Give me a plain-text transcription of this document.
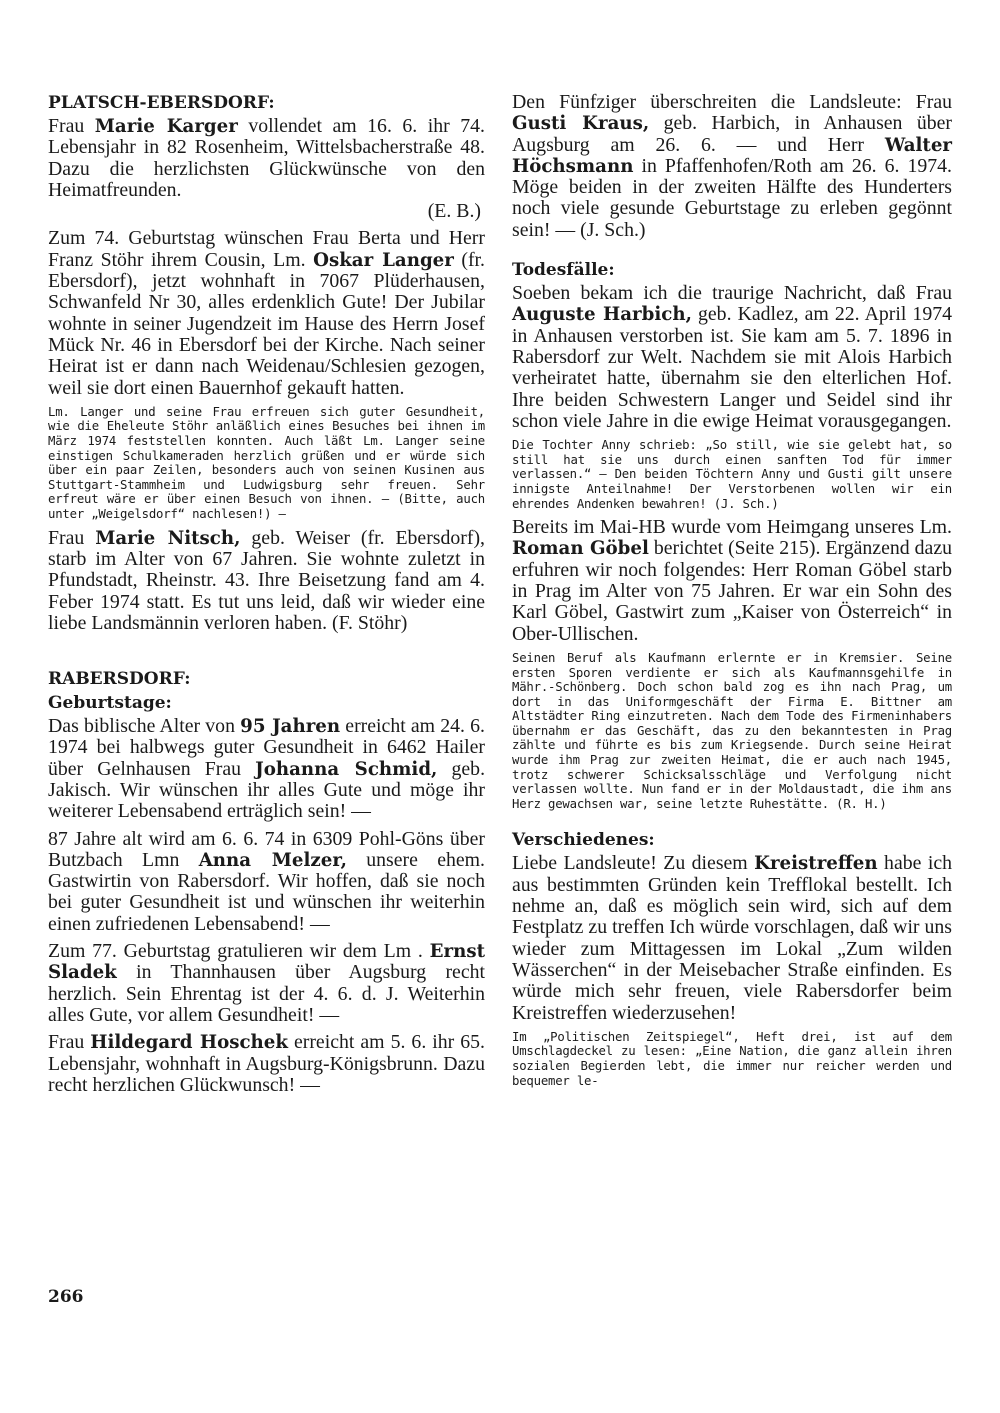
PLATSCH-EBERSDORF:
Frau Marie Karger vollendet am 16. 6. ihr 74. Lebensjahr in 82 Rosenheim, Wittelsbacherstraße 48. Dazu die herzlichsten Glückwünsche von den Heimatfreunden.
(E. B.)
Zum 74. Geburtstag wünschen Frau Berta und Herr Franz Stöhr ihrem Cousin, Lm. Oskar Langer (fr. Ebersdorf), jetzt wohnhaft in 7067 Plüderhausen, Schwanfeld Nr 30, alles erdenklich Gute! Der Jubilar wohnte in seiner Jugendzeit im Hause des Herrn Josef Mück Nr. 46 in Ebersdorf bei der Kirche. Nach seiner Heirat ist er dann nach Weidenau/Schlesien gezogen, weil sie dort einen Bauernhof gekauft hatten.
Lm. Langer und seine Frau erfreuen sich guter Gesundheit, wie die Eheleute Stöhr anläßlich eines Besuches bei ihnen im März 1974 feststellen konnten. Auch läßt Lm. Langer seine einstigen Schulkameraden herzlich grüßen und er würde sich über ein paar Zeilen, besonders auch von seinen Kusinen aus Stuttgart-Stammheim und Ludwigsburg sehr freuen. Sehr erfreut wäre er über einen Besuch von ihnen. — (Bitte, auch unter „Weigelsdorf“ nachlesen!) —
Frau Marie Nitsch, geb. Weiser (fr. Ebersdorf), starb im Alter von 67 Jahren. Sie wohnte zuletzt in Pfundstadt, Rheinstr. 43. Ihre Beisetzung fand am 4. Feber 1974 statt. Es tut uns leid, daß wir wieder eine liebe Landsmännin verloren haben. (F. Stöhr)
RABERSDORF:
Geburtstage:
Das biblische Alter von 95 Jahren erreicht am 24. 6. 1974 bei halbwegs guter Gesundheit in 6462 Hailer über Gelnhausen Frau Johanna Schmid, geb. Jakisch. Wir wünschen ihr alles Gute und möge ihr weiterer Lebensabend erträglich sein! —
87 Jahre alt wird am 6. 6. 74 in 6309 Pohl-Göns über Butzbach Lmn Anna Melzer, unsere ehem. Gastwirtin von Rabersdorf. Wir hoffen, daß sie noch bei guter Gesundheit ist und wünschen ihr weiterhin einen zufriedenen Lebensabend! —
Zum 77. Geburtstag gratulieren wir dem Lm . Ernst Sladek in Thannhausen über Augsburg recht herzlich. Sein Ehrentag ist der 4. 6. d. J. Weiterhin alles Gute, vor allem Gesundheit! —
Frau Hildegard Hoschek erreicht am 5. 6. ihr 65. Lebensjahr, wohnhaft in Augsburg-Königsbrunn. Dazu recht herzlichen Glückwunsch! —
Den Fünfziger überschreiten die Landsleute: Frau Gusti Kraus, geb. Harbich, in Anhausen über Augsburg am 26. 6. — und Herr Walter Höchsmann in Pfaffenhofen/Roth am 26. 6. 1974. Möge beiden in der zweiten Hälfte des Hunderters noch viele gesunde Geburtstage zu erleben gegönnt sein! — (J. Sch.)
Todesfälle:
Soeben bekam ich die traurige Nachricht, daß Frau Auguste Harbich, geb. Kadlez, am 22. April 1974 in Anhausen verstorben ist. Sie kam am 5. 7. 1896 in Rabersdorf zur Welt. Nachdem sie mit Alois Harbich verheiratet hatte, übernahm sie den elterlichen Hof. Ihre beiden Schwestern Langer und Seidel sind ihr schon viele Jahre in die ewige Heimat vorausgegangen.
Die Tochter Anny schrieb: „So still, wie sie gelebt hat, so still hat sie uns durch einen sanften Tod für immer verlassen.“ — Den beiden Töchtern Anny und Gusti gilt unsere innigste Anteilnahme! Der Verstorbenen wollen wir ein ehrendes Andenken bewahren! (J. Sch.)
Bereits im Mai-HB wurde vom Heimgang unseres Lm. Roman Göbel berichtet (Seite 215). Ergänzend dazu erfuhren wir noch folgendes: Herr Roman Göbel starb in Prag im Alter von 75 Jahren. Er war ein Sohn des Karl Göbel, Gastwirt zum „Kaiser von Österreich“ in Ober-Ullischen.
Seinen Beruf als Kaufmann erlernte er in Kremsier. Seine ersten Sporen verdiente er sich als Kaufmannsgehilfe in Mähr.-Schönberg. Doch schon bald zog es ihn nach Prag, um dort in das Uniformgeschäft der Firma E. Bittner am Altstädter Ring einzutreten. Nach dem Tode des Firmeninhabers übernahm er das Geschäft, das zu den bekanntesten in Prag zählte und führte es bis zum Kriegsende. Durch seine Heirat wurde ihm Prag zur zweiten Heimat, die er auch nach 1945, trotz schwerer Schicksalsschläge und Verfolgung nicht verlassen wollte. Nun fand er in der Moldaustadt, die ihm ans Herz gewachsen war, seine letzte Ruhestätte. (R. H.)
Verschiedenes:
Liebe Landsleute! Zu diesem Kreistreffen habe ich aus bestimmten Gründen kein Trefflokal bestellt. Ich nehme an, daß es möglich sein wird, sich auf dem Festplatz zu treffen Ich würde vorschlagen, daß wir uns wieder zum Mittagessen im Lokal „Zum wilden Wässerchen“ in der Meisebacher Straße einfinden. Es würde mich sehr freuen, viele Rabersdorfer beim Kreistreffen wiederzusehen!
Im „Politischen Zeitspiegel“, Heft drei, ist auf dem Umschlagdeckel zu lesen: „Eine Nation, die ganz allein ihren sozialen Begierden lebt, die immer nur reicher werden und bequemer le-
266
